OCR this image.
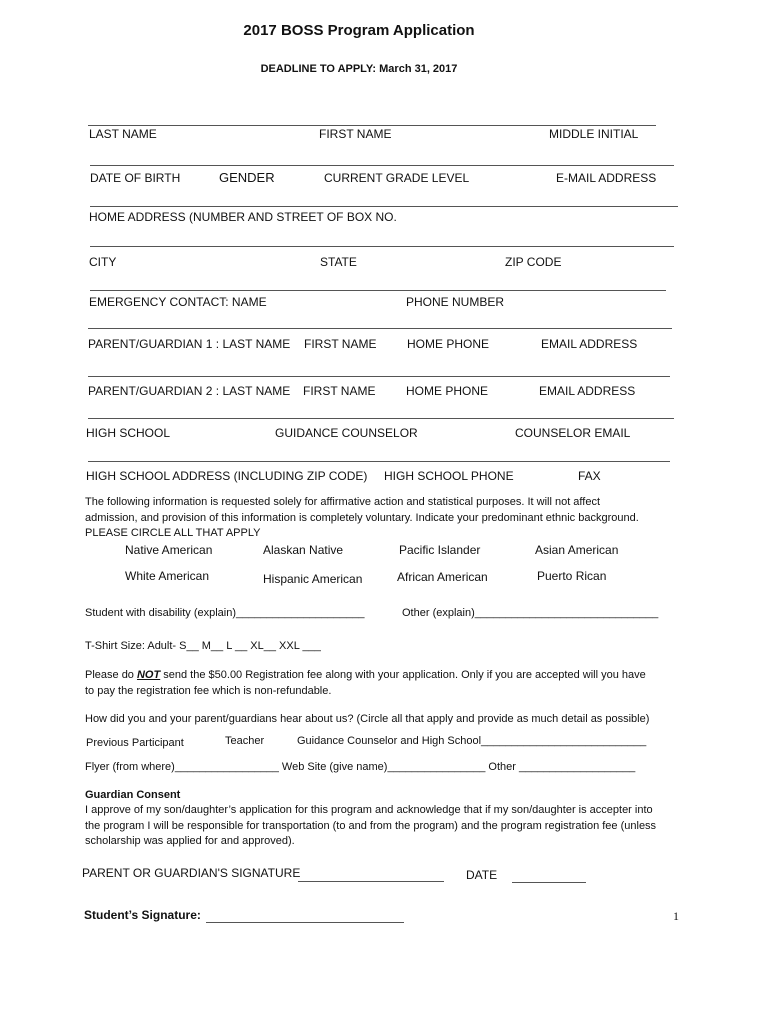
2017 BOSS Program Application
DEADLINE TO APPLY: March 31, 2017
LAST NAME	FIRST NAME	MIDDLE INITIAL
DATE OF BIRTH	GENDER	CURRENT GRADE LEVEL	E-MAIL ADDRESS
HOME ADDRESS (NUMBER AND STREET OF BOX NO.
CITY	STATE	ZIP CODE
EMERGENCY CONTACT: NAME	PHONE NUMBER
PARENT/GUARDIAN 1 : LAST NAME FIRST NAME	HOME PHONE	EMAIL ADDRESS
PARENT/GUARDIAN 2 : LAST NAME FIRST NAME	HOME PHONE	EMAIL ADDRESS
HIGH SCHOOL	GUIDANCE COUNSELOR	COUNSELOR EMAIL
HIGH SCHOOL ADDRESS (INCLUDING ZIP CODE) HIGH SCHOOL PHONE	FAX
The following information is requested solely for affirmative action and statistical purposes. It will not affect
admission, and provision of this information is completely voluntary. Indicate your predominant ethnic background.
PLEASE CIRCLE ALL THAT APPLY
Native American	Alaskan Native	Pacific Islander	Asian American
White American	Hispanic American	African American	Puerto Rican
Student with disability (explain)_____________________	Other (explain)______________________________
T-Shirt Size: Adult- S__ M__ L __ XL__ XXL ___
Please do NOT send the $50.00 Registration fee along with your application. Only if you are accepted will you have
to pay the registration fee which is non-refundable.
How did you and your parent/guardians hear about us? (Circle all that apply and provide as much detail as possible)
Previous Participant	Teacher	Guidance Counselor and High School___________________________
Flyer (from where)_________________ Web Site (give name)________________ Other ___________________
Guardian Consent
I approve of my son/daughter’s application for this program and acknowledge that if my son/daughter is accepter into
the program I will be responsible for transportation (to and from the program) and the program registration fee (unless
scholarship was applied for and approved).
PARENT OR GUARDIAN'S SIGNATURE	DATE
Student’s Signature:	1
